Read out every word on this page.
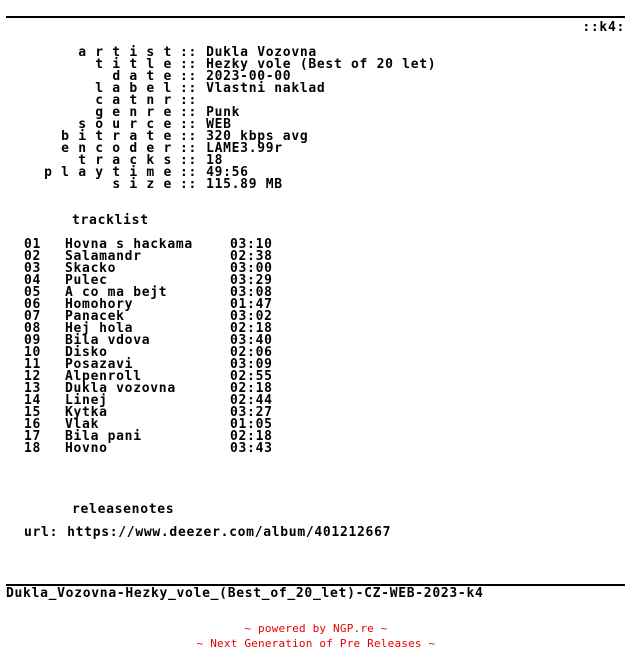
::k4:
a r t i s t :: Dukla Vozovna
t i t l e :: Hezky vole (Best of 20 let)
d a t e :: 2023-00-00
l a b e l :: Vlastni naklad
c a t n r ::
g e n r e :: Punk
s o u r c e :: WEB
b i t r a t e :: 320 kbps avg
e n c o d e r :: LAME3.99r
t r a c k s :: 18
p l a y t i m e :: 49:56
s i z e :: 115.89 MB
tracklist
01	Hovna s hackama	03:10
02	Salamandr	02:38
03	Skacko	03:00
04	Pulec	03:29
05	A co ma bejt	03:08
06	Homohory	01:47
07	Panacek	03:02
08	Hej hola	02:18
09	Bila vdova	03:40
10	Disko	02:06
11	Posazavi	03:09
12	Alpenroll	02:55
13	Dukla vozovna	02:18
14	Linej	02:44
15	Kytka	03:27
16	Vlak	01:05
17	Bila pani	02:18
18	Hovno	03:43
releasenotes
url: https://www.deezer.com/album/401212667
Dukla_Vozovna-Hezky_vole_(Best_of_20_let)-CZ-WEB-2023-k4
~ powered by NGP.re ~
~ Next Generation of Pre Releases ~
